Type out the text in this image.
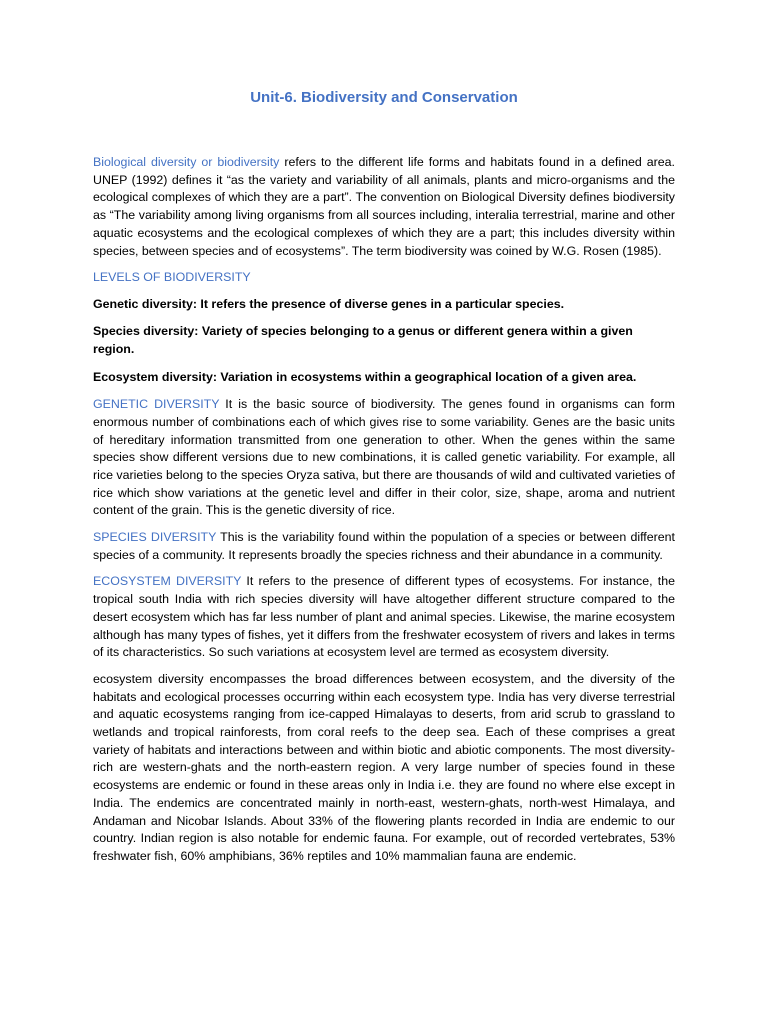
Unit-6. Biodiversity and Conservation

Biological diversity or biodiversity refers to the different life forms and habitats found in a defined area. UNEP (1992) defines it “as the variety and variability of all animals, plants and micro-organisms and the ecological complexes of which they are a part”. The convention on Biological Diversity defines biodiversity as “The variability among living organisms from all sources including, interalia terrestrial, marine and other aquatic ecosystems and the ecological complexes of which they are a part; this includes diversity within species, between species and of ecosystems”. The term biodiversity was coined by W.G. Rosen (1985).

LEVELS OF BIODIVERSITY
Genetic diversity: It refers the presence of diverse genes in a particular species.
Species diversity: Variety of species belonging to a genus or different genera within a given region.
Ecosystem diversity: Variation in ecosystems within a geographical location of a given area.

GENETIC DIVERSITY It is the basic source of biodiversity. The genes found in organisms can form enormous number of combinations each of which gives rise to some variability. Genes are the basic units of hereditary information transmitted from one generation to other. When the genes within the same species show different versions due to new combinations, it is called genetic variability. For example, all rice varieties belong to the species Oryza sativa, but there are thousands of wild and cultivated varieties of rice which show variations at the genetic level and differ in their color, size, shape, aroma and nutrient content of the grain. This is the genetic diversity of rice.

SPECIES DIVERSITY This is the variability found within the population of a species or between different species of a community. It represents broadly the species richness and their abundance in a community.

ECOSYSTEM DIVERSITY It refers to the presence of different types of ecosystems. For instance, the tropical south India with rich species diversity will have altogether different structure compared to the desert ecosystem which has far less number of plant and animal species. Likewise, the marine ecosystem although has many types of fishes, yet it differs from the freshwater ecosystem of rivers and lakes in terms of its characteristics. So such variations at ecosystem level are termed as ecosystem diversity.

ecosystem diversity encompasses the broad differences between ecosystem, and the diversity of the habitats and ecological processes occurring within each ecosystem type. India has very diverse terrestrial and aquatic ecosystems ranging from ice-capped Himalayas to deserts, from arid scrub to grassland to wetlands and tropical rainforests, from coral reefs to the deep sea. Each of these comprises a great variety of habitats and interactions between and within biotic and abiotic components. The most diversity-rich are western-ghats and the north-eastern region. A very large number of species found in these ecosystems are endemic or found in these areas only in India i.e. they are found no where else except in India. The endemics are concentrated mainly in north-east, western-ghats, north-west Himalaya, and Andaman and Nicobar Islands. About 33% of the flowering plants recorded in India are endemic to our country. Indian region is also notable for endemic fauna. For example, out of recorded vertebrates, 53% freshwater fish, 60% amphibians, 36% reptiles and 10% mammalian fauna are endemic.
